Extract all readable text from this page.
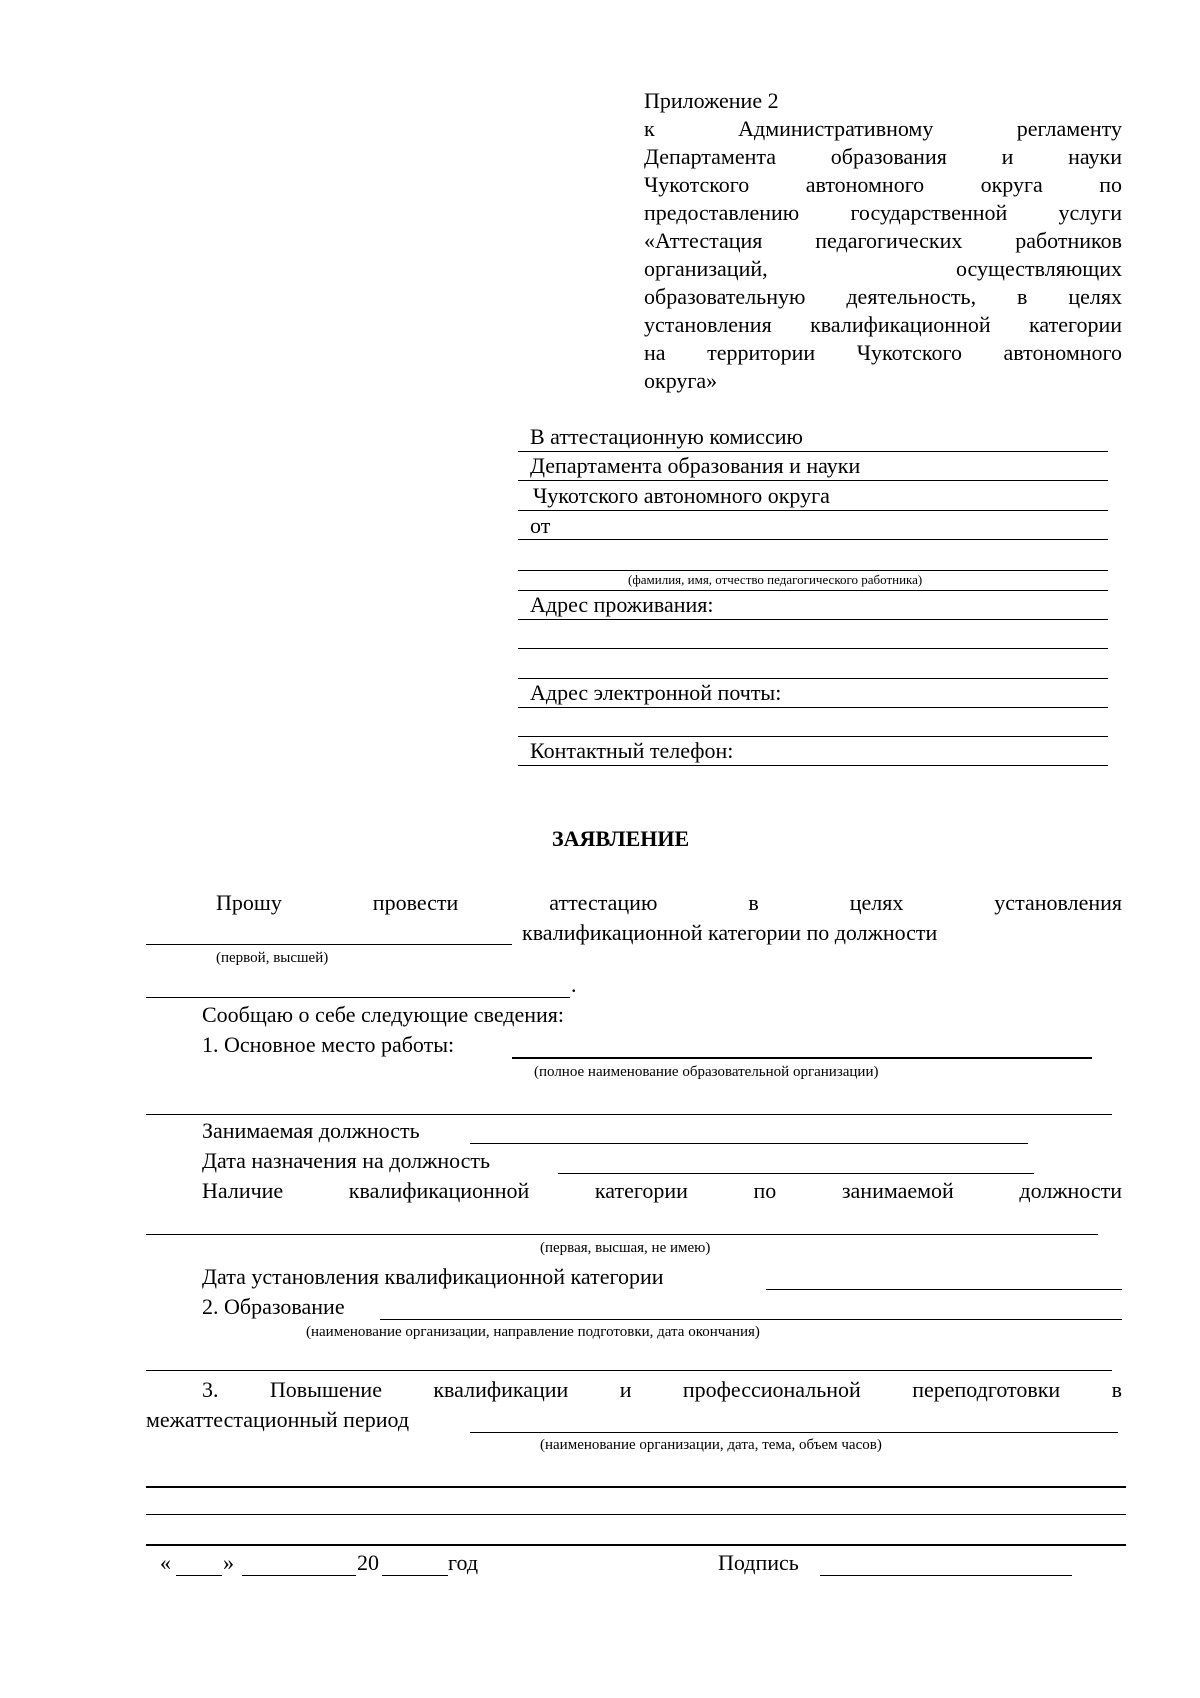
Приложение 2
к Административному регламенту
Департамента образования и науки
Чукотского автономного округа по
предоставлению государственной услуги
«Аттестация педагогических работников
организаций, осуществляющих
образовательную деятельность, в целях
установления квалификационной категории
на территории Чукотского автономного
округа»
В аттестационную комиссию
Департамента образования и науки
Чукотского автономного округа
от
(фамилия, имя, отчество педагогического работника)
Адрес проживания:
Адрес электронной почты:
Контактный телефон:
ЗАЯВЛЕНИЕ
Прошу провести аттестацию в целях установления
квалификационной категории по должности
(первой, высшей)
.
Сообщаю о себе следующие сведения:
1. Основное место работы:
(полное наименование образовательной организации)
Занимаемая должность
Дата назначения на должность
Наличие квалификационной категории по занимаемой должности
(первая, высшая, не имею)
Дата установления квалификационной категории
2. Образование
(наименование организации, направление подготовки, дата окончания)
3. Повышение квалификации и профессиональной переподготовки в
межаттестационный период
(наименование организации, дата, тема, объем часов)
« »	20	год	Подпись
